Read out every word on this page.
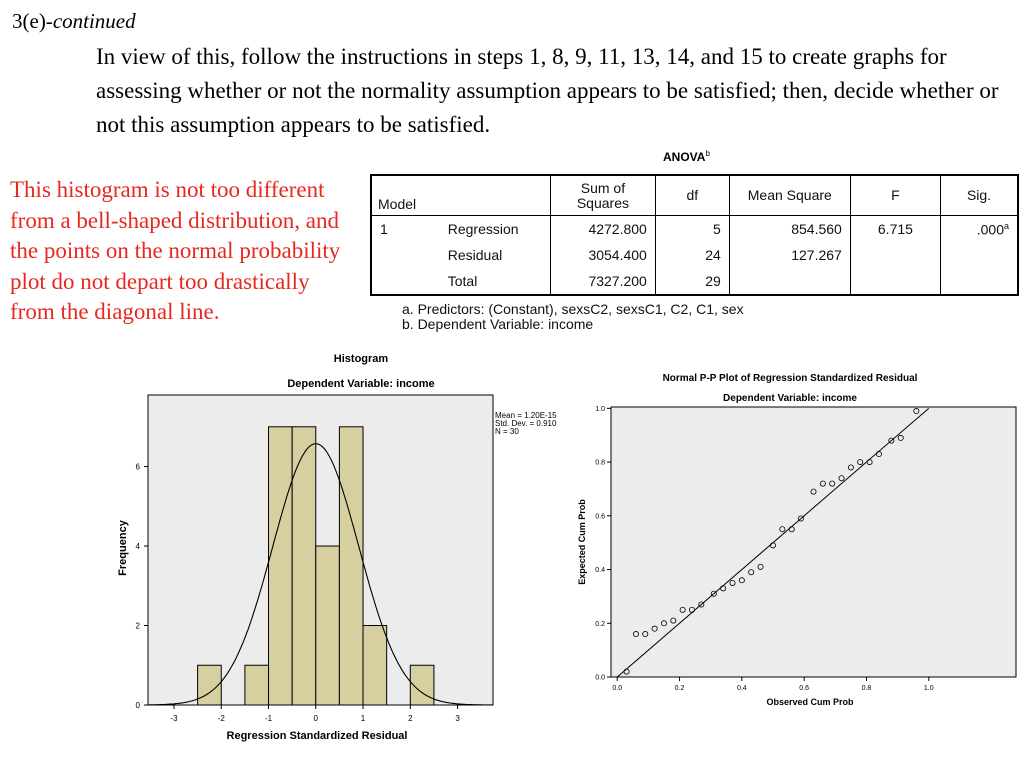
3(e)-continued
In view of this, follow the instructions in steps 1, 8, 9, 11, 13, 14, and 15 to create graphs for assessing whether or not the normality assumption appears to be satisfied; then, decide whether or not this assumption appears to be satisfied.
This histogram is not too different from a bell-shaped distribution, and the points on the normal probability plot do not depart too drastically from the diagonal line.
ANOVA$^b$
Model		Sum of Squares	df	Mean Square	F	Sig.
1	Regression	4272.800	5	854.560	6.715	.000$^a$
	Residual	3054.400	24	127.267		
	Total	7327.200	29			
a. Predictors: (Constant), sexsC2, sexsC1, C2, C1, sex
b. Dependent Variable: income
Histogram
Dependent Variable: income
-3	-2	-1	0	1	2	3
0
2
4
6
Mean = 1.20E-15
Std. Dev. = 0.910
N = 30
Regression Standardized Residual
Frequency
Normal P-P Plot of Regression Standardized Residual
Dependent Variable: income
0.0	0.2	0.4	0.6	0.8	1.0
0.0
0.2
0.4
0.6
0.8
1.0
Observed Cum Prob
Expected Cum Prob
